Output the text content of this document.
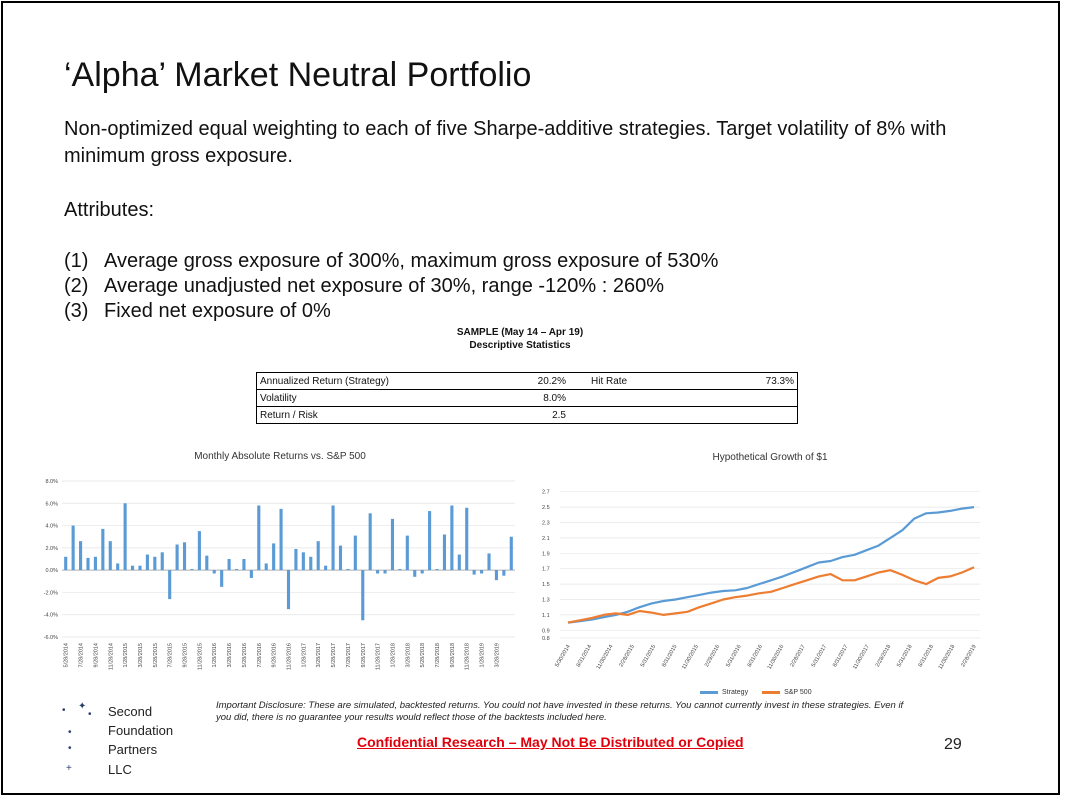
‘Alpha’ Market Neutral Portfolio
Non-optimized equal weighting to each of five Sharpe-additive strategies. Target volatility of 8% with minimum gross exposure.
Attributes:
(1) Average gross exposure of 300%, maximum gross exposure of 530%
(2) Average unadjusted net exposure of 30%, range -120% : 260%
(3) Fixed net exposure of 0%
SAMPLE (May 14 – Apr 19)
Descriptive Statistics
Annualized Return (Strategy)	20.2%	Hit Rate	73.3%
Volatility	8.0%		
Return / Risk	2.5		
Monthly Absolute Returns vs. S&P 500	Hypothetical Growth of $1
8.0%
6.0%
4.0%
2.0%
0.0%
-2.0%
-4.0%
-6.0%
5/28/2014 7/28/2014 9/28/2014 11/28/2014 1/28/2015 3/28/2015 5/28/2015 7/28/2015 9/28/2015 11/28/2015 1/28/2016 3/28/2016 5/28/2016 7/28/2016 9/28/2016 11/28/2016 1/28/2017 3/28/2017 5/28/2017 7/28/2017 9/28/2017 11/28/2017 1/28/2018 3/28/2018 5/28/2018 7/28/2018 9/28/2018 11/28/2018 1/28/2019 3/28/2019
2.7
2.5
2.3
2.1
1.9
1.7
1.5
1.3
1.1
0.9
0.8
5/30/2014 8/31/2014 11/30/2014 2/28/2015 5/31/2015 8/31/2015 11/30/2015 2/29/2016 5/31/2016 8/31/2016 11/30/2016 2/28/2017 5/31/2017 8/31/2017 11/30/2017 2/28/2018 5/31/2018 8/31/2018 11/30/2018 2/28/2019
Strategy	S&P 500
Important Disclosure: These are simulated, backtested returns. You could not have invested in these returns. You cannot currently invest in these strategies. Even if you did, there is no guarantee your results would reflect those of the backtests included here.
Confidential Research – May Not Be Distributed or Copied	29
• ✦
•
•
•
+
Second
Foundation
Partners
LLC
